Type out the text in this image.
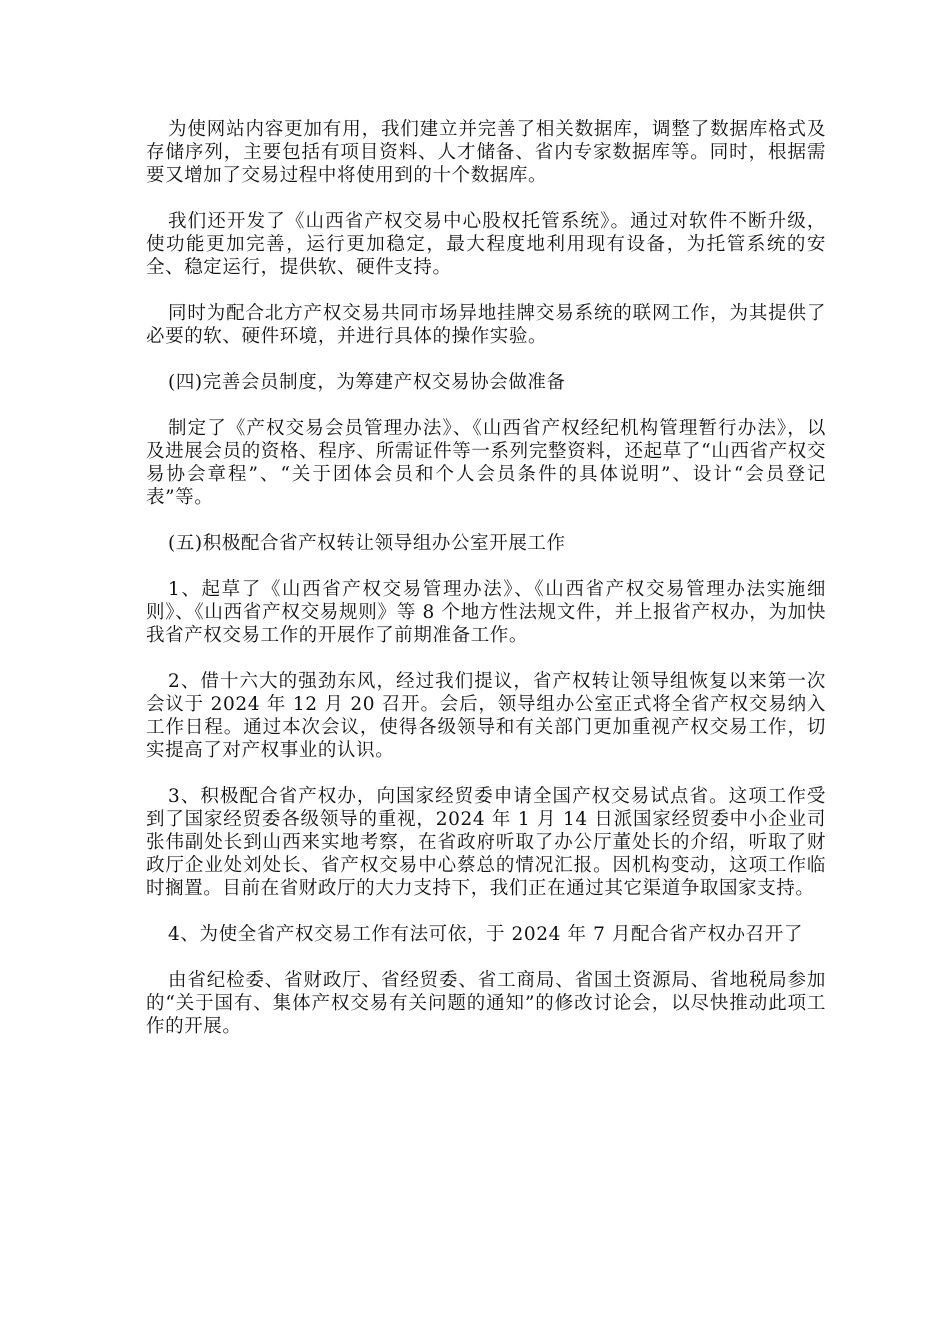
为使网站内容更加有用，我们建立并完善了相关数据库，调整了数据库格式及存储序列，主要包括有项目资料、人才储备、省内专家数据库等。同时，根据需要又增加了交易过程中将使用到的十个数据库。

我们还开发了《山西省产权交易中心股权托管系统》。通过对软件不断升级，使功能更加完善，运行更加稳定，最大程度地利用现有设备，为托管系统的安全、稳定运行，提供软、硬件支持。

同时为配合北方产权交易共同市场异地挂牌交易系统的联网工作，为其提供了必要的软、硬件环境，并进行具体的操作实验。

(四)完善会员制度，为筹建产权交易协会做准备

制定了《产权交易会员管理办法》、《山西省产权经纪机构管理暂行办法》，以及进展会员的资格、程序、所需证件等一系列完整资料，还起草了“山西省产权交易协会章程”、“关于团体会员和个人会员条件的具体说明”、设计“会员登记表”等。

(五)积极配合省产权转让领导组办公室开展工作

1、起草了《山西省产权交易管理办法》、《山西省产权交易管理办法实施细则》、《山西省产权交易规则》等 8 个地方性法规文件，并上报省产权办，为加快我省产权交易工作的开展作了前期准备工作。

2、借十六大的强劲东风，经过我们提议，省产权转让领导组恢复以来第一次会议于 2024 年 12 月 20 召开。会后，领导组办公室正式将全省产权交易纳入工作日程。通过本次会议，使得各级领导和有关部门更加重视产权交易工作，切实提高了对产权事业的认识。

3、积极配合省产权办，向国家经贸委申请全国产权交易试点省。这项工作受到了国家经贸委各级领导的重视，2024 年 1 月 14 日派国家经贸委中小企业司张伟副处长到山西来实地考察，在省政府听取了办公厅董处长的介绍，听取了财政厅企业处刘处长、省产权交易中心蔡总的情况汇报。因机构变动，这项工作临时搁置。目前在省财政厅的大力支持下，我们正在通过其它渠道争取国家支持。

4、为使全省产权交易工作有法可依，于 2024 年 7 月配合省产权办召开了

由省纪检委、省财政厅、省经贸委、省工商局、省国土资源局、省地税局参加的“关于国有、集体产权交易有关问题的通知”的修改讨论会，以尽快推动此项工作的开展。
